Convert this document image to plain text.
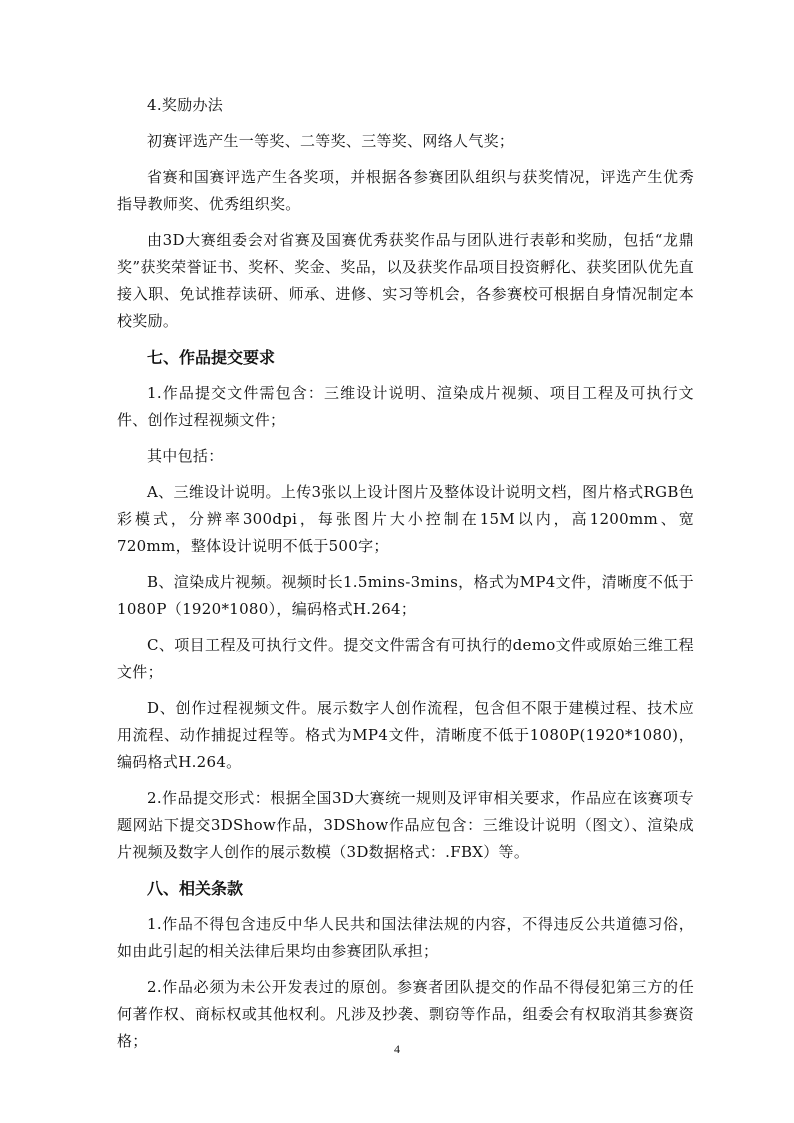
4.奖励办法

初赛评选产生一等奖、二等奖、三等奖、网络人气奖；

省赛和国赛评选产生各奖项，并根据各参赛团队组织与获奖情况，评选产生优秀指导教师奖、优秀组织奖。

由3D大赛组委会对省赛及国赛优秀获奖作品与团队进行表彰和奖励，包括“龙鼎奖”获奖荣誉证书、奖杯、奖金、奖品，以及获奖作品项目投资孵化、获奖团队优先直接入职、免试推荐读研、师承、进修、实习等机会，各参赛校可根据自身情况制定本校奖励。

七、作品提交要求

1.作品提交文件需包含：三维设计说明、渲染成片视频、项目工程及可执行文件、创作过程视频文件；

其中包括：

A、三维设计说明。上传3张以上设计图片及整体设计说明文档，图片格式RGB色彩模式，分辨率300dpi，每张图片大小控制在15M以内，高1200mm、宽720mm，整体设计说明不低于500字；

B、渲染成片视频。视频时长1.5mins-3mins，格式为MP4文件，清晰度不低于1080P（1920*1080），编码格式H.264；

C、项目工程及可执行文件。提交文件需含有可执行的demo文件或原始三维工程文件；

D、创作过程视频文件。展示数字人创作流程，包含但不限于建模过程、技术应用流程、动作捕捉过程等。格式为MP4文件，清晰度不低于1080P(1920*1080)，编码格式H.264。

2.作品提交形式：根据全国3D大赛统一规则及评审相关要求，作品应在该赛项专题网站下提交3DShow作品，3DShow作品应包含：三维设计说明（图文）、渲染成片视频及数字人创作的展示数模（3D数据格式：.FBX）等。

八、相关条款

1.作品不得包含违反中华人民共和国法律法规的内容，不得违反公共道德习俗，如由此引起的相关法律后果均由参赛团队承担；

2.作品必须为未公开发表过的原创。参赛者团队提交的作品不得侵犯第三方的任何著作权、商标权或其他权利。凡涉及抄袭、剽窃等作品，组委会有权取消其参赛资格；	4
